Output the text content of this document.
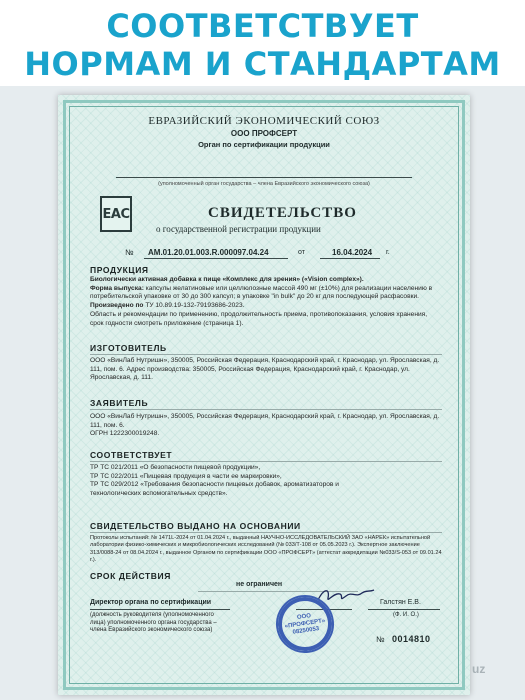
СООТВЕТСТВУЕТ
НОРМАМ И СТАНДАРТАМ
ЕВРАЗИЙСКИЙ ЭКОНОМИЧЕСКИЙ СОЮЗ
ООО ПРОФСЕРТ
Орган по сертификации продукции
(уполномоченный орган государства – члена Евразийского экономического союза)
EAC	СВИДЕТЕЛЬСТВО
о государственной регистрации продукции
№ AM.01.20.01.003.R.000097.04.24	от	16.04.2024 г.
ПРОДУКЦИЯ
Биологически активная добавка к пище «Комплекс для зрения» («Vision complex»).
Форма выпуска: капсулы желатиновые или целлюлозные массой 490 мг (±10%) для реализации населению в потребительской упаковке от 30 до 300 капсул; в упаковке "in bulk" до 20 кг для последующей расфасовки.
Произведено по ТУ 10.89.19-132-79193686-2023.
Область и рекомендации по применению, продолжительность приема, противопоказания, условия хранения, срок годности смотреть приложение (страница 1).
ИЗГОТОВИТЕЛЬ
ООО «ВинЛаб Нутришн», 350005, Российская Федерация, Краснодарский край, г. Краснодар, ул. Ярославская, д. 111, пом. 6. Адрес производства: 350005, Российская Федерация, Краснодарский край, г. Краснодар, ул. Ярославская, д. 111.
ЗАЯВИТЕЛЬ
ООО «ВинЛаб Нутришн», 350005, Российская Федерация, Краснодарский край, г. Краснодар, ул. Ярославская, д. 111, пом. 6.
ОГРН 1222300019248.
СООТВЕТСТВУЕТ
ТР ТС 021/2011 «О безопасности пищевой продукции»,
ТР ТС 022/2011 «Пищевая продукция в части ее маркировки»,
ТР ТС 029/2012 «Требования безопасности пищевых добавок, ароматизаторов и технологических вспомогательных средств».
СВИДЕТЕЛЬСТВО ВЫДАНО НА ОСНОВАНИИ
Протоколы испытаний: № 1471L-2024 от 01.04.2024 г., выданный НАУЧНО-ИССЛЕДОВАТЕЛЬСКИЙ ЗАО «НАРЕК» испытательной лаборатории физико-химических и микробиологических исследований (№ 033/Т-108 от 05.05.2023 г.). Экспертное заключение 313/0088-24 от 08.04.2024 г., выданное Органом по сертификации ООО «ПРОФСЕРТ» (аттестат аккредитации №033/S-053 от 09.01.24 г.).
СРОК ДЕЙСТВИЯ
не ограничен
Директор органа по сертификации
(должность руководителя (уполномоченного лица) уполномоченного органа государства – члена Евразийского экономического союза)
ООО «ПРОФСЕРТ» 08250053
Галстян Е.В.
(Ф. И. О.)
№ 0014810
uz
